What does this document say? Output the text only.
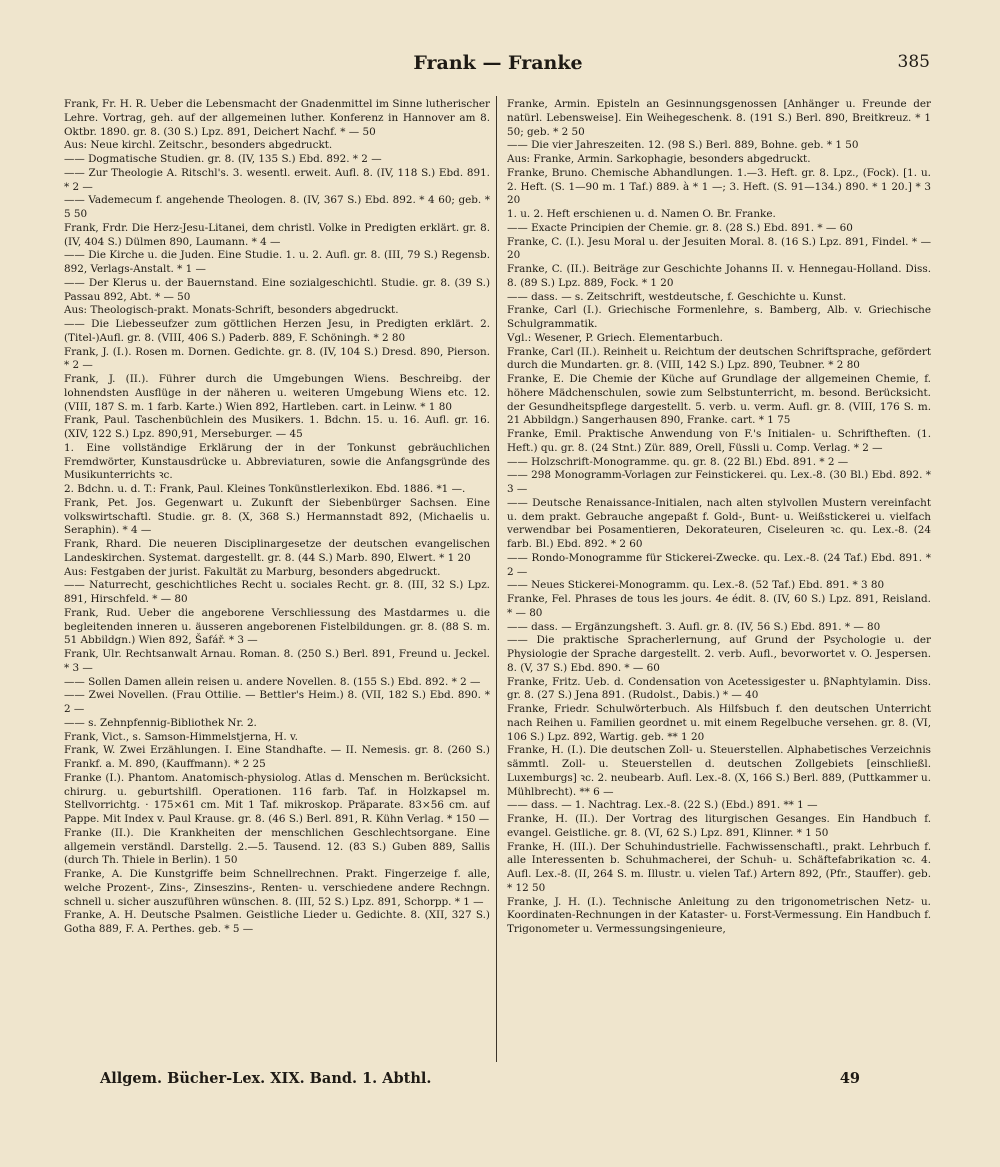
Frank — Franke	385
Frank, Fr. H. R. Ueber die Lebensmacht der Gnadenmittel im Sinne lutherischer Lehre. Vortrag, geh. auf der allgemeinen luther. Konferenz in Hannover am 8. Oktbr. 1890. gr. 8. (30 S.) Lpz. 891, Deichert Nachf. * — 50
Aus: Neue kirchl. Zeitschr., besonders abgedruckt.
—— Dogmatische Studien. gr. 8. (IV, 135 S.) Ebd. 892. * 2 —
—— Zur Theologie A. Ritschl's. 3. wesentl. erweit. Aufl. 8. (IV, 118 S.) Ebd. 891. * 2 —
—— Vademecum f. angehende Theologen. 8. (IV, 367 S.) Ebd. 892. * 4 60; geb. * 5 50
Frank, Frdr. Die Herz-Jesu-Litanei, dem christl. Volke in Predigten erklärt. gr. 8. (IV, 404 S.) Dülmen 890, Laumann. * 4 —
—— Die Kirche u. die Juden. Eine Studie. 1. u. 2. Aufl. gr. 8. (III, 79 S.) Regensb. 892, Verlags-Anstalt. * 1 —
—— Der Klerus u. der Bauernstand. Eine sozialgeschichtl. Studie. gr. 8. (39 S.) Passau 892, Abt. * — 50
Aus: Theologisch-prakt. Monats-Schrift, besonders abgedruckt.
—— Die Liebesseufzer zum göttlichen Herzen Jesu, in Predigten erklärt. 2. (Titel-)Aufl. gr. 8. (VIII, 406 S.) Paderb. 889, F. Schöningh. * 2 80
Frank, J. (I.). Rosen m. Dornen. Gedichte. gr. 8. (IV, 104 S.) Dresd. 890, Pierson. * 2 —
Frank, J. (II.). Führer durch die Umgebungen Wiens. Beschreibg. der lohnendsten Ausflüge in der näheren u. weiteren Umgebung Wiens etc. 12. (VIII, 187 S. m. 1 farb. Karte.) Wien 892, Hartleben. cart. in Leinw. * 1 80
Frank, Paul. Taschenbüchlein des Musikers. 1. Bdchn. 15. u. 16. Aufl. gr. 16. (XIV, 122 S.) Lpz. 890,91, Merseburger. — 45
1. Eine vollständige Erklärung der in der Tonkunst gebräuchlichen Fremdwörter, Kunstausdrücke u. Abbreviaturen, sowie die Anfangsgründe des Musikunterrichts ꝛc.
2. Bdchn. u. d. T.: Frank, Paul. Kleines Tonkünstlerlexikon. Ebd. 1886. *1 —.
Frank, Pet. Jos. Gegenwart u. Zukunft der Siebenbürger Sachsen. Eine volkswirtschaftl. Studie. gr. 8. (X, 368 S.) Hermannstadt 892, (Michaelis u. Seraphin). * 4 —
Frank, Rhard. Die neueren Disciplinargesetze der deutschen evangelischen Landeskirchen. Systemat. dargestellt. gr. 8. (44 S.) Marb. 890, Elwert. * 1 20
Aus: Festgaben der jurist. Fakultät zu Marburg, besonders abgedruckt.
—— Naturrecht, geschichtliches Recht u. sociales Recht. gr. 8. (III, 32 S.) Lpz. 891, Hirschfeld. * — 80
Frank, Rud. Ueber die angeborene Verschliessung des Mastdarmes u. die begleitenden inneren u. äusseren angeborenen Fistelbildungen. gr. 8. (88 S. m. 51 Abbildgn.) Wien 892, Šafář. * 3 —
Frank, Ulr. Rechtsanwalt Arnau. Roman. 8. (250 S.) Berl. 891, Freund u. Jeckel. * 3 —
—— Sollen Damen allein reisen u. andere Novellen. 8. (155 S.) Ebd. 892. * 2 —
—— Zwei Novellen. (Frau Ottilie. — Bettler's Heim.) 8. (VII, 182 S.) Ebd. 890. * 2 —
—— s. Zehnpfennig-Bibliothek Nr. 2.
Frank, Vict., s. Samson-Himmelstjerna, H. v.
Frank, W. Zwei Erzählungen. I. Eine Standhafte. — II. Nemesis. gr. 8. (260 S.) Frankf. a. M. 890, (Kauffmann). * 2 25
Franke (I.). Phantom. Anatomisch-physiolog. Atlas d. Menschen m. Berücksicht. chirurg. u. geburtshilfl. Operationen. 116 farb. Taf. in Holzkapsel m. Stellvorrichtg. · 175×61 cm. Mit 1 Taf. mikroskop. Präparate. 83×56 cm. auf Pappe. Mit Index v. Paul Krause. gr. 8. (46 S.) Berl. 891, R. Kühn Verlag. * 150 —
Franke (II.). Die Krankheiten der menschlichen Geschlechtsorgane. Eine allgemein verständl. Darstellg. 2.—5. Tausend. 12. (83 S.) Guben 889, Sallis (durch Th. Thiele in Berlin). 1 50
Franke, A. Die Kunstgriffe beim Schnellrechnen. Prakt. Fingerzeige f. alle, welche Prozent-, Zins-, Zinseszins-, Renten- u. verschiedene andere Rechngn. schnell u. sicher auszuführen wünschen. 8. (III, 52 S.) Lpz. 891, Schorpp. * 1 —
Franke, A. H. Deutsche Psalmen. Geistliche Lieder u. Gedichte. 8. (XII, 327 S.) Gotha 889, F. A. Perthes. geb. * 5 —
Franke, Armin. Episteln an Gesinnungsgenossen [Anhänger u. Freunde der natürl. Lebensweise]. Ein Weihegeschenk. 8. (191 S.) Berl. 890, Breitkreuz. * 1 50; geb. * 2 50
—— Die vier Jahreszeiten. 12. (98 S.) Berl. 889, Bohne. geb. * 1 50
Aus: Franke, Armin. Sarkophagie, besonders abgedruckt.
Franke, Bruno. Chemische Abhandlungen. 1.—3. Heft. gr. 8. Lpz., (Fock). [1. u. 2. Heft. (S. 1—90 m. 1 Taf.) 889. à * 1 —; 3. Heft. (S. 91—134.) 890. * 1 20.] * 3 20
1. u. 2. Heft erschienen u. d. Namen O. Br. Franke.
—— Exacte Principien der Chemie. gr. 8. (28 S.) Ebd. 891. * — 60
Franke, C. (I.). Jesu Moral u. der Jesuiten Moral. 8. (16 S.) Lpz. 891, Findel. * — 20
Franke, C. (II.). Beiträge zur Geschichte Johanns II. v. Hennegau-Holland. Diss. 8. (89 S.) Lpz. 889, Fock. * 1 20
—— dass. — s. Zeitschrift, westdeutsche, f. Geschichte u. Kunst.
Franke, Carl (I.). Griechische Formenlehre, s. Bamberg, Alb. v. Griechische Schulgrammatik.
Vgl.: Wesener, P. Griech. Elementarbuch.
Franke, Carl (II.). Reinheit u. Reichtum der deutschen Schriftsprache, gefördert durch die Mundarten. gr. 8. (VIII, 142 S.) Lpz. 890, Teubner. * 2 80
Franke, E. Die Chemie der Küche auf Grundlage der allgemeinen Chemie, f. höhere Mädchenschulen, sowie zum Selbstunterricht, m. besond. Berücksicht. der Gesundheitspflege dargestellt. 5. verb. u. verm. Aufl. gr. 8. (VIII, 176 S. m. 21 Abbildgn.) Sangerhausen 890, Franke. cart. * 1 75
Franke, Emil. Praktische Anwendung von F.'s Initialen- u. Schriftheften. (1. Heft.) qu. gr. 8. (24 Stnt.) Zür. 889, Orell, Füssli u. Comp. Verlag. * 2 —
—— Holzschrift-Monogramme. qu. gr. 8. (22 Bl.) Ebd. 891. * 2 —
—— 298 Monogramm-Vorlagen zur Feinstickerei. qu. Lex.-8. (30 Bl.) Ebd. 892. * 3 —
—— Deutsche Renaissance-Initialen, nach alten stylvollen Mustern vereinfacht u. dem prakt. Gebrauche angepaßt f. Gold-, Bunt- u. Weißstickerei u. vielfach verwendbar bei Posamentieren, Dekorateuren, Ciseleuren ꝛc. qu. Lex.-8. (24 farb. Bl.) Ebd. 892. * 2 60
—— Rondo-Monogramme für Stickerei-Zwecke. qu. Lex.-8. (24 Taf.) Ebd. 891. * 2 —
—— Neues Stickerei-Monogramm. qu. Lex.-8. (52 Taf.) Ebd. 891. * 3 80
Franke, Fel. Phrases de tous les jours. 4e édit. 8. (IV, 60 S.) Lpz. 891, Reisland. * — 80
—— dass. — Ergänzungsheft. 3. Aufl. gr. 8. (IV, 56 S.) Ebd. 891. * — 80
—— Die praktische Spracherlernung, auf Grund der Psychologie u. der Physiologie der Sprache dargestellt. 2. verb. Aufl., bevorwortet v. O. Jespersen. 8. (V, 37 S.) Ebd. 890. * — 60
Franke, Fritz. Ueb. d. Condensation von Acetessigester u. βNaphtylamin. Diss. gr. 8. (27 S.) Jena 891. (Rudolst., Dabis.) * — 40
Franke, Friedr. Schulwörterbuch. Als Hilfsbuch f. den deutschen Unterricht nach Reihen u. Familien geordnet u. mit einem Regelbuche versehen. gr. 8. (VI, 106 S.) Lpz. 892, Wartig. geb. ** 1 20
Franke, H. (I.). Die deutschen Zoll- u. Steuerstellen. Alphabetisches Verzeichnis sämmtl. Zoll- u. Steuerstellen d. deutschen Zollgebiets [einschließl. Luxemburgs] ꝛc. 2. neubearb. Aufl. Lex.-8. (X, 166 S.) Berl. 889, (Puttkammer u. Mühlbrecht). ** 6 —
—— dass. — 1. Nachtrag. Lex.-8. (22 S.) (Ebd.) 891. ** 1 —
Franke, H. (II.). Der Vortrag des liturgischen Gesanges. Ein Handbuch f. evangel. Geistliche. gr. 8. (VI, 62 S.) Lpz. 891, Klinner. * 1 50
Franke, H. (III.). Der Schuhindustrielle. Fachwissenschaftl., prakt. Lehrbuch f. alle Interessenten b. Schuhmacherei, der Schuh- u. Schäftefabrikation ꝛc. 4. Aufl. Lex.-8. (II, 264 S. m. Illustr. u. vielen Taf.) Artern 892, (Pfr., Stauffer). geb. * 12 50
Franke, J. H. (I.). Technische Anleitung zu den trigonometrischen Netz- u. Koordinaten-Rechnungen in der Kataster- u. Forst-Vermessung. Ein Handbuch f. Trigonometer u. Vermessungsingenieure,
Allgem. Bücher-Lex. XIX. Band. 1. Abthl.	49
